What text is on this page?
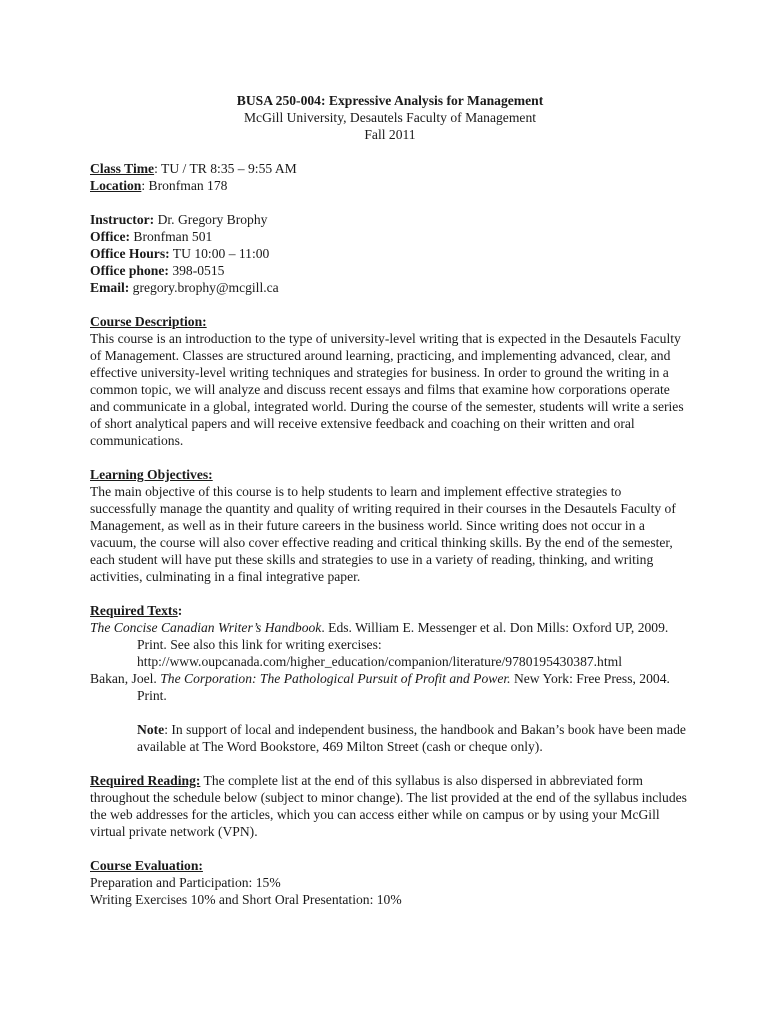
BUSA 250-004: Expressive Analysis for Management

McGill University, Desautels Faculty of Management

Fall 2011

Class Time: TU / TR 8:35 – 9:55 AM

Location: Bronfman 178

Instructor: Dr. Gregory Brophy

Office: Bronfman 501

Office Hours: TU 10:00 – 11:00

Office phone: 398-0515

Email: gregory.brophy@mcgill.ca

Course Description:

This course is an introduction to the type of university-level writing that is expected in the Desautels Faculty of Management. Classes are structured around learning, practicing, and implementing advanced, clear, and effective university-level writing techniques and strategies for business. In order to ground the writing in a common topic, we will analyze and discuss recent essays and films that examine how corporations operate and communicate in a global, integrated world. During the course of the semester, students will write a series of short analytical papers and will receive extensive feedback and coaching on their written and oral communications.

Learning Objectives:

The main objective of this course is to help students to learn and implement effective strategies to successfully manage the quantity and quality of writing required in their courses in the Desautels Faculty of Management, as well as in their future careers in the business world. Since writing does not occur in a vacuum, the course will also cover effective reading and critical thinking skills. By the end of the semester, each student will have put these skills and strategies to use in a variety of reading, thinking, and writing activities, culminating in a final integrative paper.

Required Texts:

The Concise Canadian Writer’s Handbook. Eds. William E. Messenger et al. Don Mills: Oxford UP, 2009. Print. See also this link for writing exercises:
http://www.oupcanada.com/higher_education/companion/literature/9780195430387.html

Bakan, Joel. The Corporation: The Pathological Pursuit of Profit and Power. New York: Free Press, 2004. Print.

Note: In support of local and independent business, the handbook and Bakan’s book have been made available at The Word Bookstore, 469 Milton Street (cash or cheque only).

Required Reading: The complete list at the end of this syllabus is also dispersed in abbreviated form throughout the schedule below (subject to minor change). The list provided at the end of the syllabus includes the web addresses for the articles, which you can access either while on campus or by using your McGill virtual private network (VPN).

Course Evaluation:

Preparation and Participation: 15%

Writing Exercises 10% and Short Oral Presentation: 10%
